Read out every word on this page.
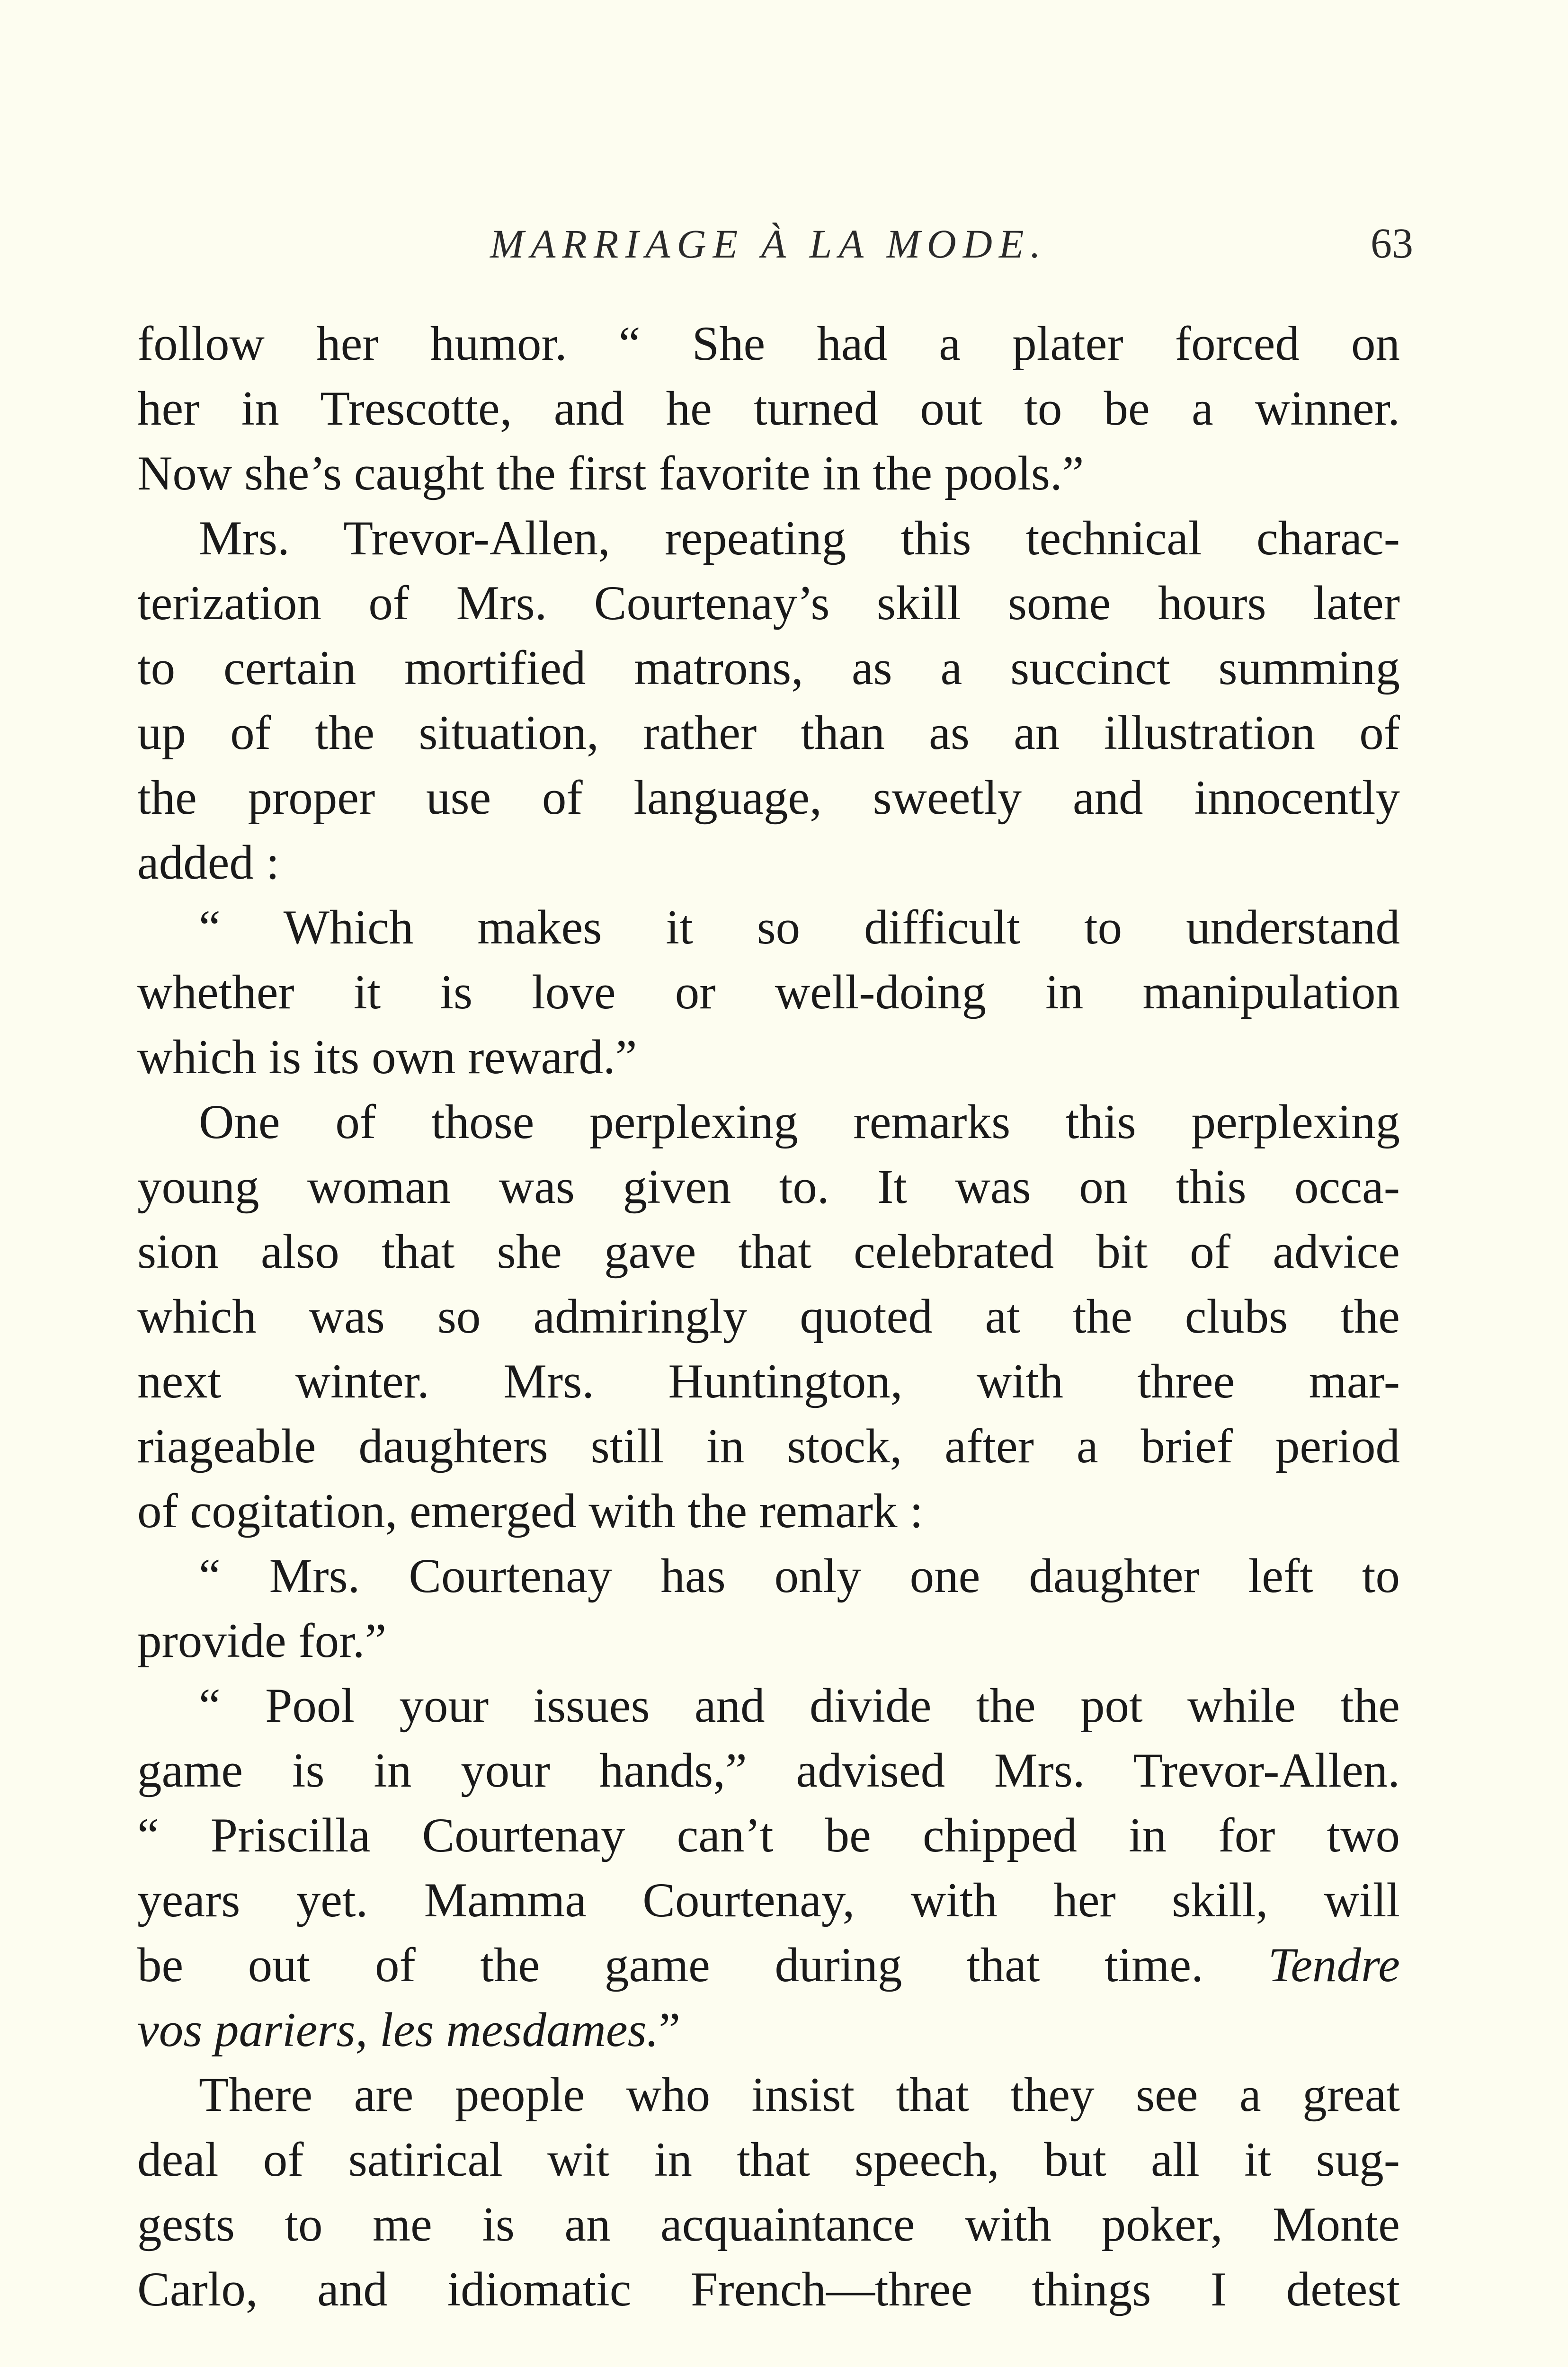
MARRIAGE À LA MODE.	63
follow her humor. “ She had a plater forced on
her in Trescotte, and he turned out to be a winner.
Now she’s caught the first favorite in the pools.”
Mrs. Trevor-Allen, repeating this technical charac-
terization of Mrs. Courtenay’s skill some hours later
to certain mortified matrons, as a succinct summing
up of the situation, rather than as an illustration of
the proper use of language, sweetly and innocently
added :
“ Which makes it so difficult to understand
whether it is love or well-doing in manipulation
which is its own reward.”
One of those perplexing remarks this perplexing
young woman was given to. It was on this occa-
sion also that she gave that celebrated bit of advice
which was so admiringly quoted at the clubs the
next winter. Mrs. Huntington, with three mar-
riageable daughters still in stock, after a brief period
of cogitation, emerged with the remark :
“ Mrs. Courtenay has only one daughter left to
provide for.”
“ Pool your issues and divide the pot while the
game is in your hands,” advised Mrs. Trevor-Allen.
“ Priscilla Courtenay can’t be chipped in for two
years yet. Mamma Courtenay, with her skill, will
be out of the game during that time. Tendre
vos pariers, les mesdames.”
There are people who insist that they see a great
deal of satirical wit in that speech, but all it sug-
gests to me is an acquaintance with poker, Monte
Carlo, and idiomatic French—three things I detest
